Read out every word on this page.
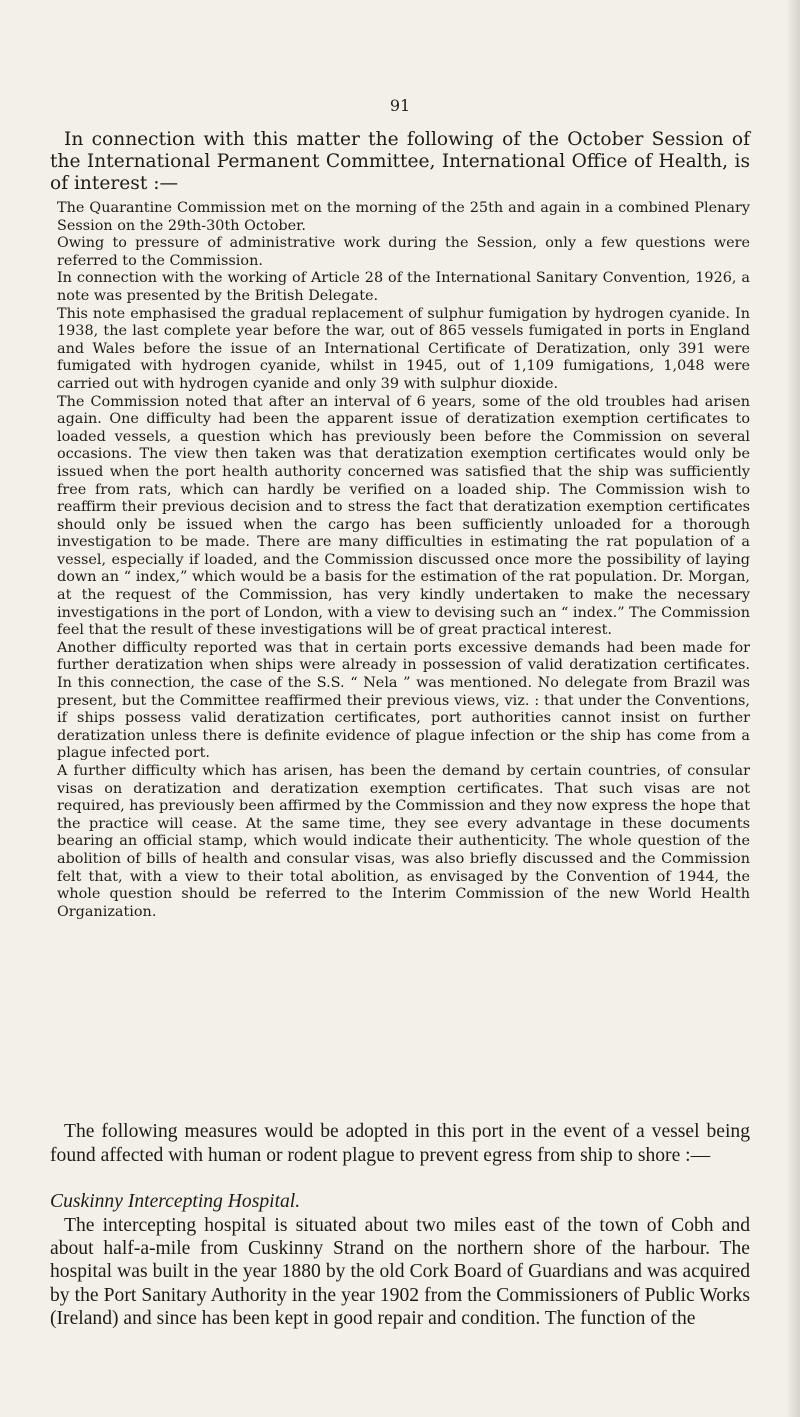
91

In connection with this matter the following of the October Session of the International Permanent Committee, International Office of Health, is of interest :—

The Quarantine Commission met on the morning of the 25th and again in a combined Plenary Session on the 29th-30th October.

Owing to pressure of administrative work during the Session, only a few questions were referred to the Commission.

In connection with the working of Article 28 of the International Sanitary Convention, 1926, a note was presented by the British Delegate.

This note emphasised the gradual replacement of sulphur fumigation by hydrogen cyanide. In 1938, the last complete year before the war, out of 865 vessels fumigated in ports in England and Wales before the issue of an International Certificate of Deratization, only 391 were fumigated with hydrogen cyanide, whilst in 1945, out of 1,109 fumigations, 1,048 were carried out with hydrogen cyanide and only 39 with sulphur dioxide.

The Commission noted that after an interval of 6 years, some of the old troubles had arisen again. One difficulty had been the apparent issue of deratization exemption certificates to loaded vessels, a question which has previously been before the Commission on several occasions. The view then taken was that deratization exemption certificates would only be issued when the port health authority concerned was satisfied that the ship was sufficiently free from rats, which can hardly be verified on a loaded ship. The Commission wish to reaffirm their previous decision and to stress the fact that deratization exemption certificates should only be issued when the cargo has been sufficiently unloaded for a thorough investigation to be made. There are many difficulties in estimating the rat population of a vessel, especially if loaded, and the Commission discussed once more the possibility of laying down an “ index,” which would be a basis for the estimation of the rat population. Dr. Morgan, at the request of the Commission, has very kindly undertaken to make the necessary investigations in the port of London, with a view to devising such an “ index.” The Commission feel that the result of these investigations will be of great practical interest.

Another difficulty reported was that in certain ports excessive demands had been made for further deratization when ships were already in possession of valid deratization certificates. In this connection, the case of the S.S. “ Nela ” was mentioned. No delegate from Brazil was present, but the Committee reaffirmed their previous views, viz. : that under the Conventions, if ships possess valid deratization certificates, port authorities cannot insist on further deratization unless there is definite evidence of plague infection or the ship has come from a plague infected port.

A further difficulty which has arisen, has been the demand by certain countries, of consular visas on deratization and deratization exemption certificates. That such visas are not required, has previously been affirmed by the Commission and they now express the hope that the practice will cease. At the same time, they see every advantage in these documents bearing an official stamp, which would indicate their authenticity. The whole question of the abolition of bills of health and consular visas, was also briefly discussed and the Commission felt that, with a view to their total abolition, as envisaged by the Convention of 1944, the whole question should be referred to the Interim Commission of the new World Health Organization.

The following measures would be adopted in this port in the event of a vessel being found affected with human or rodent plague to prevent egress from ship to shore :—

Cuskinny Intercepting Hospital.

The intercepting hospital is situated about two miles east of the town of Cobh and about half-a-mile from Cuskinny Strand on the northern shore of the harbour. The hospital was built in the year 1880 by the old Cork Board of Guardians and was acquired by the Port Sanitary Authority in the year 1902 from the Commissioners of Public Works (Ireland) and since has been kept in good repair and condition. The function of the
